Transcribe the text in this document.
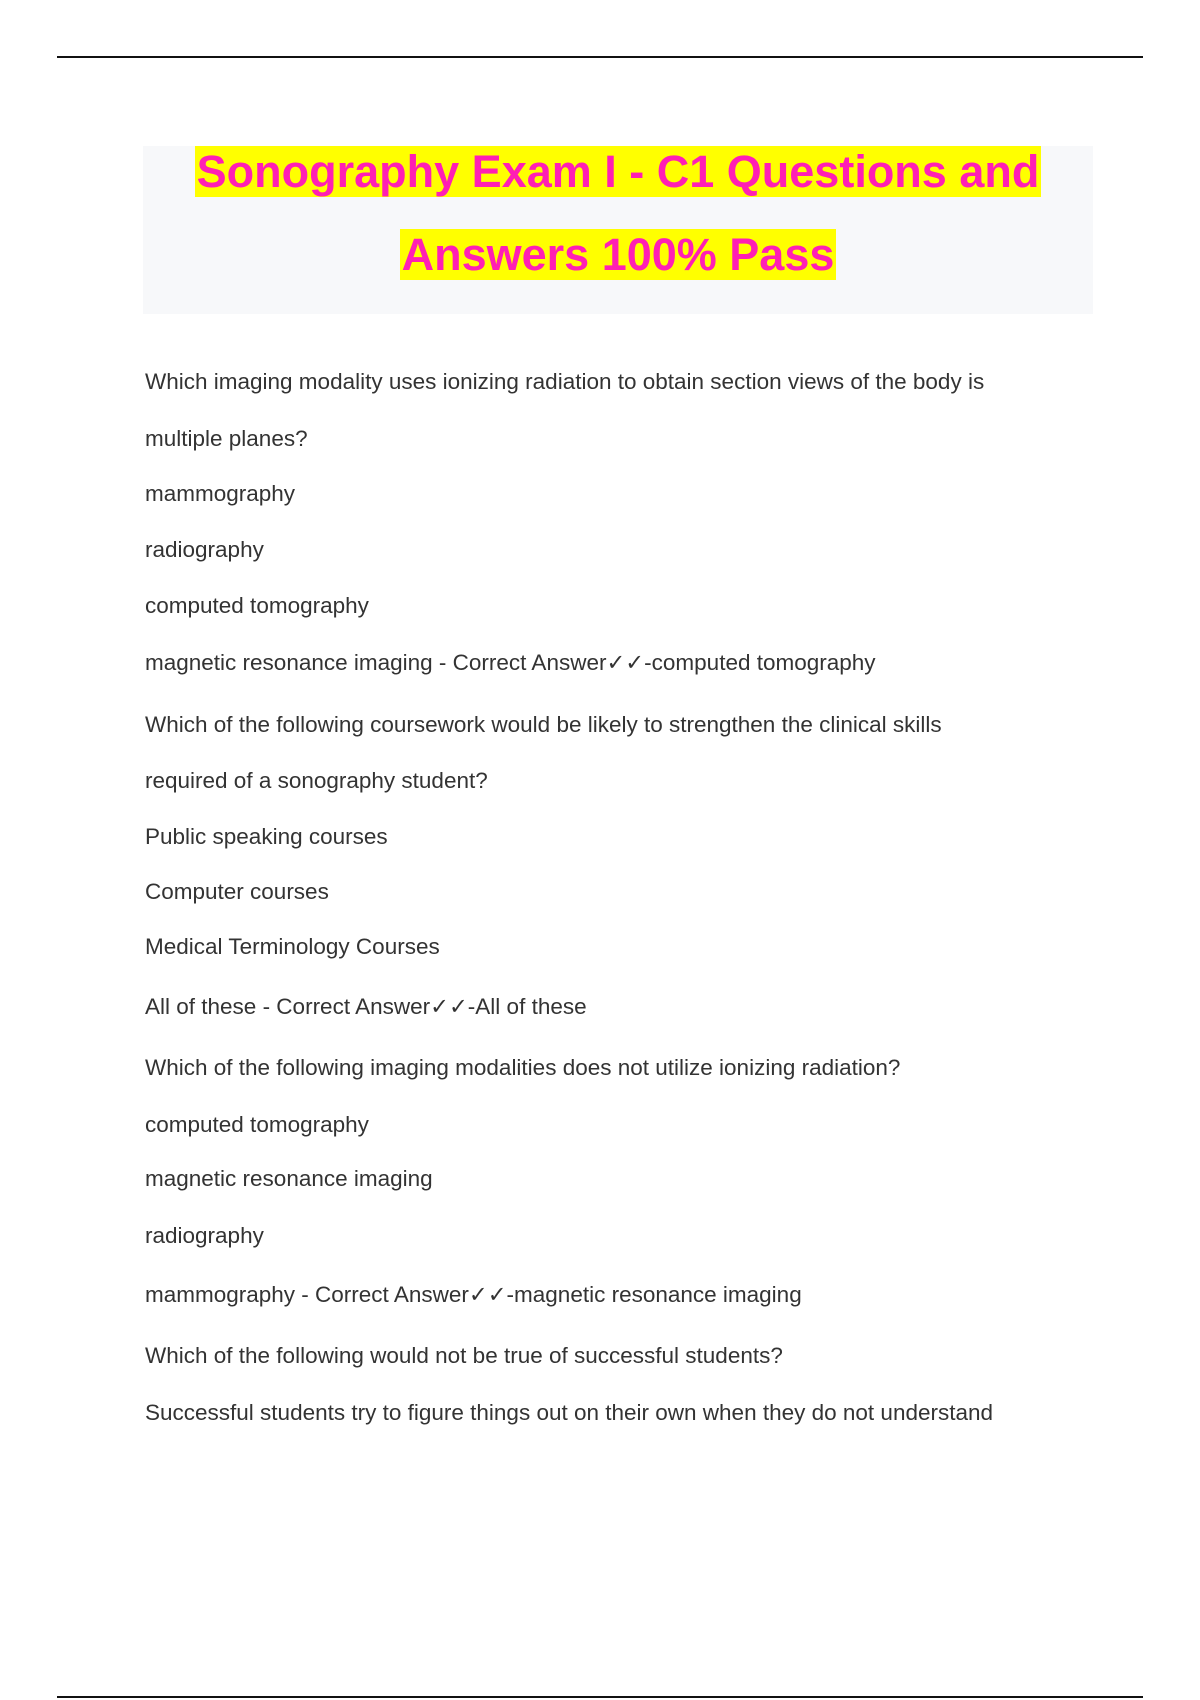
Sonography Exam I - C1 Questions and
Answers 100% Pass
Which imaging modality uses ionizing radiation to obtain section views of the body is
multiple planes?
mammography
radiography
computed tomography
magnetic resonance imaging - Correct Answer✓✓-computed tomography
Which of the following coursework would be likely to strengthen the clinical skills
required of a sonography student?
Public speaking courses
Computer courses
Medical Terminology Courses
All of these - Correct Answer✓✓-All of these
Which of the following imaging modalities does not utilize ionizing radiation?
computed tomography
magnetic resonance imaging
radiography
mammography - Correct Answer✓✓-magnetic resonance imaging
Which of the following would not be true of successful students?
Successful students try to figure things out on their own when they do not understand
